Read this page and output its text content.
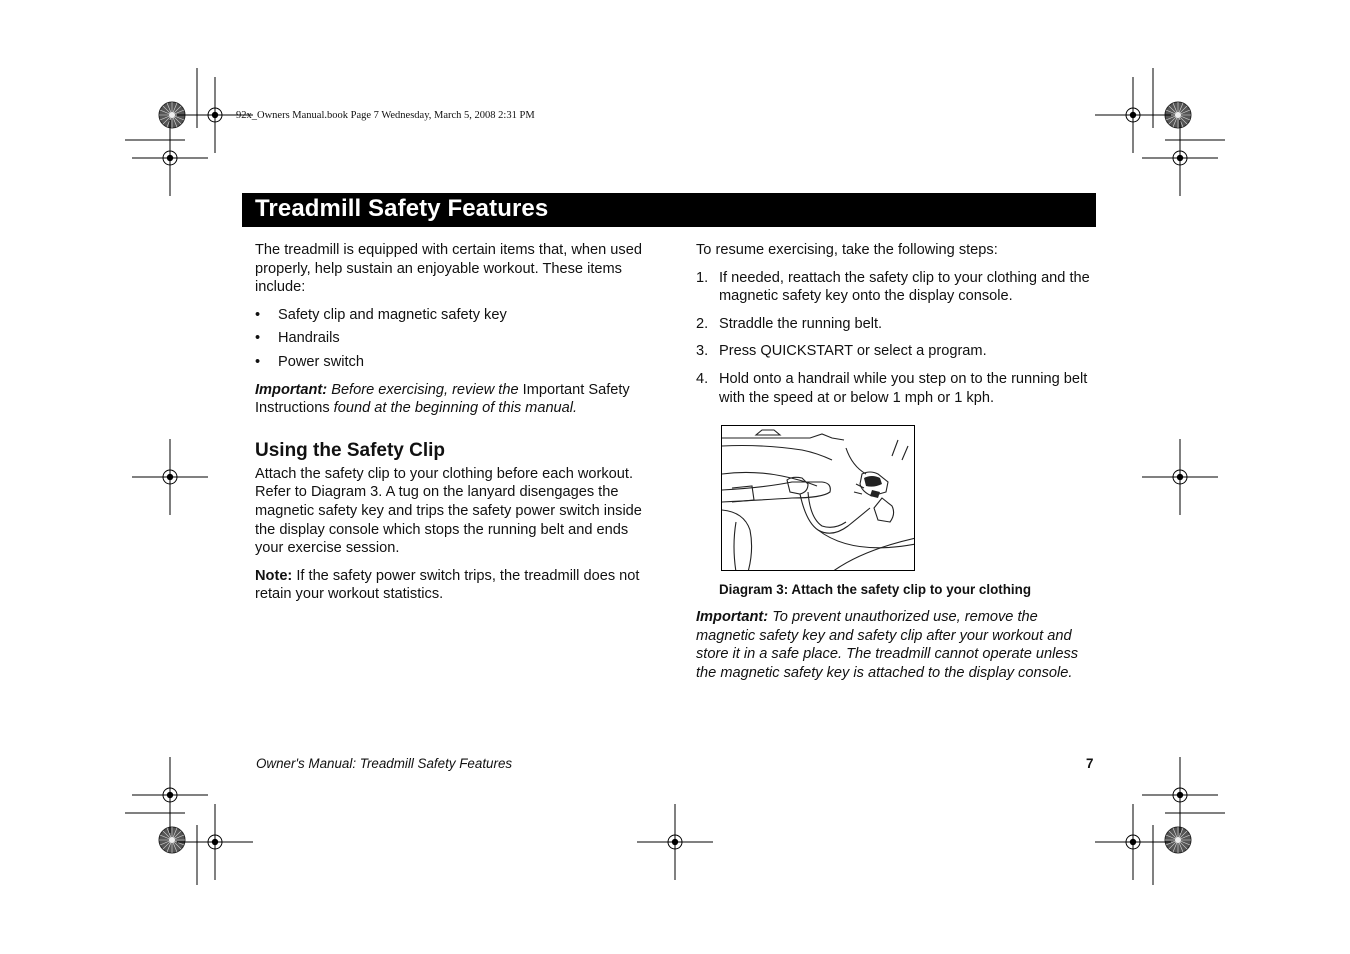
92x_Owners Manual.book Page 7 Wednesday, March 5, 2008 2:31 PM
Treadmill Safety Features

The treadmill is equipped with certain items that, when used properly, help sustain an enjoyable workout. These items include:

• Safety clip and magnetic safety key
• Handrails
• Power switch

Important: Before exercising, review the Important Safety Instructions found at the beginning of this manual.

Using the Safety Clip

Attach the safety clip to your clothing before each workout. Refer to Diagram 3. A tug on the lanyard disengages the magnetic safety key and trips the safety power switch inside the display console which stops the running belt and ends your exercise session.

Note: If the safety power switch trips, the treadmill does not retain your workout statistics.

To resume exercising, take the following steps:

1. If needed, reattach the safety clip to your clothing and the magnetic safety key onto the display console.
2. Straddle the running belt.
3. Press QUICKSTART or select a program.
4. Hold onto a handrail while you step on to the running belt with the speed at or below 1 mph or 1 kph.
Diagram 3: Attach the safety clip to your clothing

Important: To prevent unauthorized use, remove the magnetic safety key and safety clip after your workout and store it in a safe place. The treadmill cannot operate unless the magnetic safety key is attached to the display console.

Owner's Manual: Treadmill Safety Features	7
